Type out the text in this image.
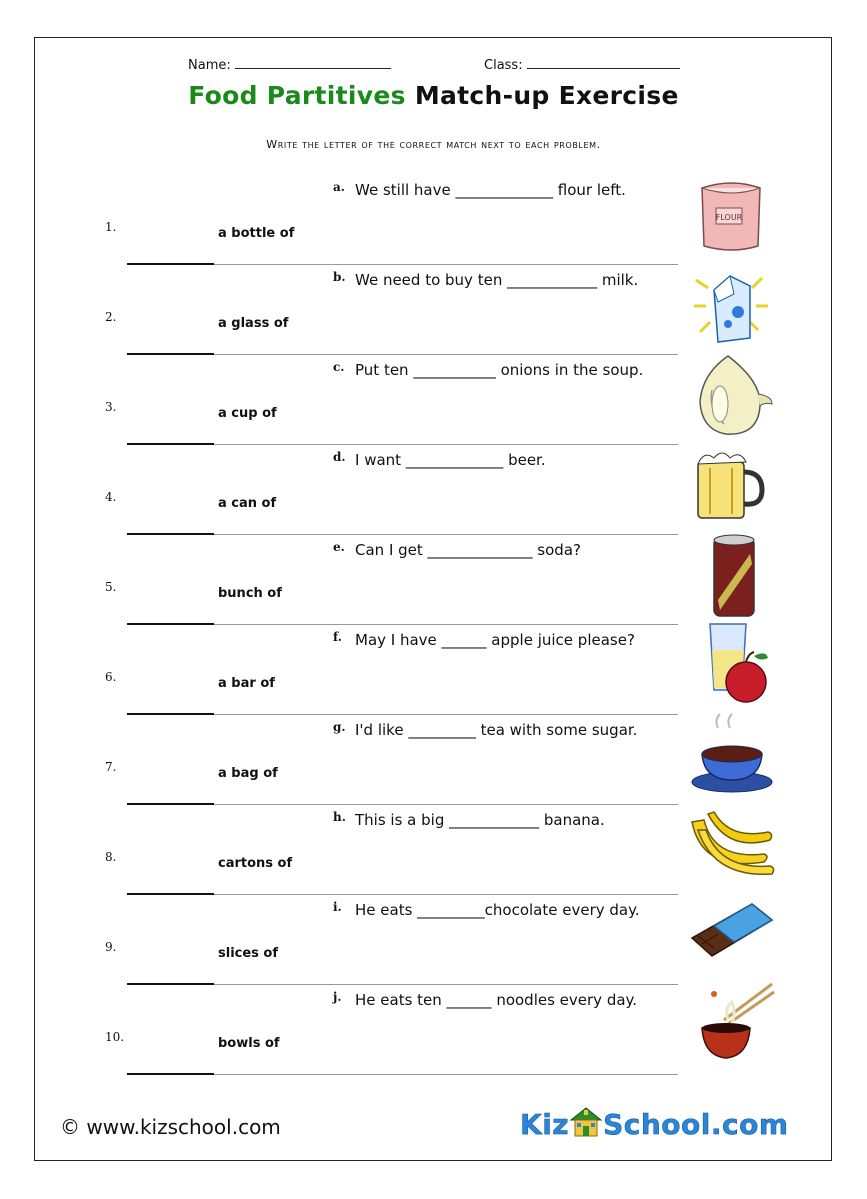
Name:	Class:
Food Partitives Match-up Exercise
Write the letter of the correct match next to each problem.
a. We still have _____________ flour left.
1.	a bottle of
FLOUR
b. We need to buy ten ____________ milk.
2.	a glass of
c. Put ten ___________ onions in the soup.
3.	a cup of
d. I want _____________ beer.
4.	a can of
e. Can I get ______________ soda?
5.	bunch of
f. May I have ______ apple juice please?
6.	a bar of
g. I'd like _________ tea with some sugar.
7.	a bag of
h. This is a big ____________ banana.
8.	cartons of
i. He eats _________chocolate every day.
9.	slices of
j. He eats ten ______ noodles every day.
10.	bowls of
© www.kizschool.com	Kiz School.com
